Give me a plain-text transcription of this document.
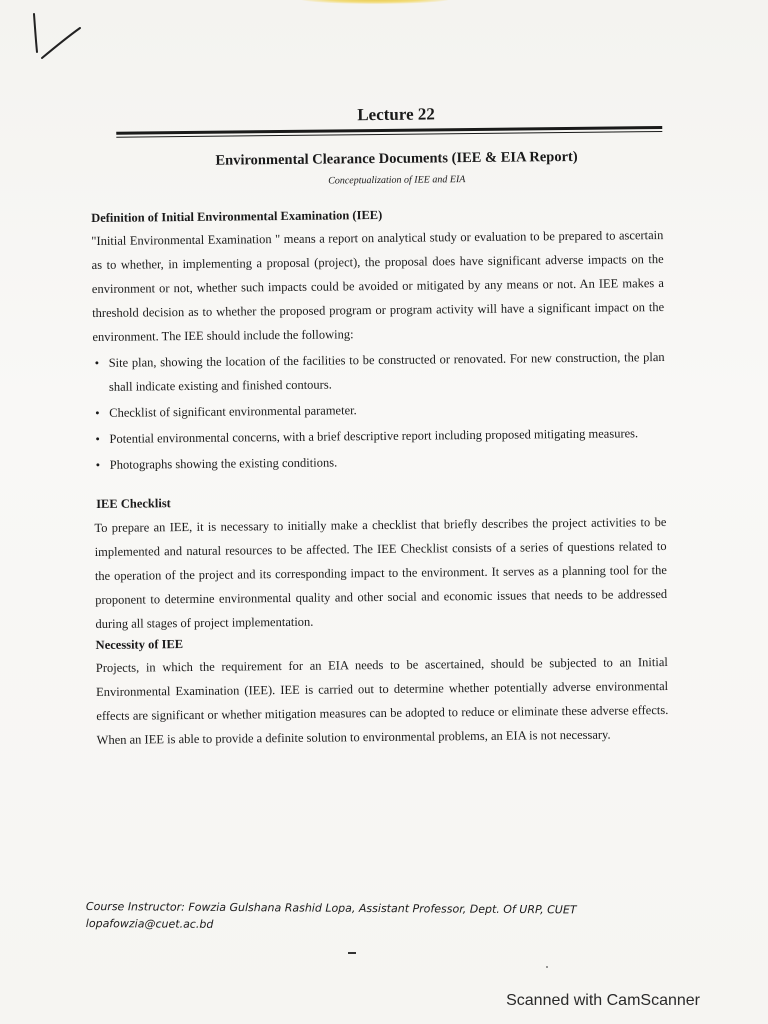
Lecture 22
Environmental Clearance Documents (IEE & EIA Report)
Conceptualization of IEE and EIA
Definition of Initial Environmental Examination (IEE)

"Initial Environmental Examination " means a report on analytical study or evaluation to be prepared to ascertain as to whether, in implementing a proposal (project), the proposal does have significant adverse impacts on the environment or not, whether such impacts could be avoided or mitigated by any means or not. An IEE makes a threshold decision as to whether the proposed program or program activity will have a significant impact on the environment. The IEE should include the following:

• Site plan, showing the location of the facilities to be constructed or renovated. For new construction, the plan shall indicate existing and finished contours.
• Checklist of significant environmental parameter.
• Potential environmental concerns, with a brief descriptive report including proposed mitigating measures.
• Photographs showing the existing conditions.
IEE Checklist

To prepare an IEE, it is necessary to initially make a checklist that briefly describes the project activities to be implemented and natural resources to be affected. The IEE Checklist consists of a series of questions related to the operation of the project and its corresponding impact to the environment. It serves as a planning tool for the proponent to determine environmental quality and other social and economic issues that needs to be addressed during all stages of project implementation.

Necessity of IEE

Projects, in which the requirement for an EIA needs to be ascertained, should be subjected to an Initial Environmental Examination (IEE). IEE is carried out to determine whether potentially adverse environmental effects are significant or whether mitigation measures can be adopted to reduce or eliminate these adverse effects. When an IEE is able to provide a definite solution to environmental problems, an EIA is not necessary.

Course Instructor: Fowzia Gulshana Rashid Lopa, Assistant Professor, Dept. Of URP, CUET
lopafowzia@cuet.ac.bd
Scanned with CamScanner
